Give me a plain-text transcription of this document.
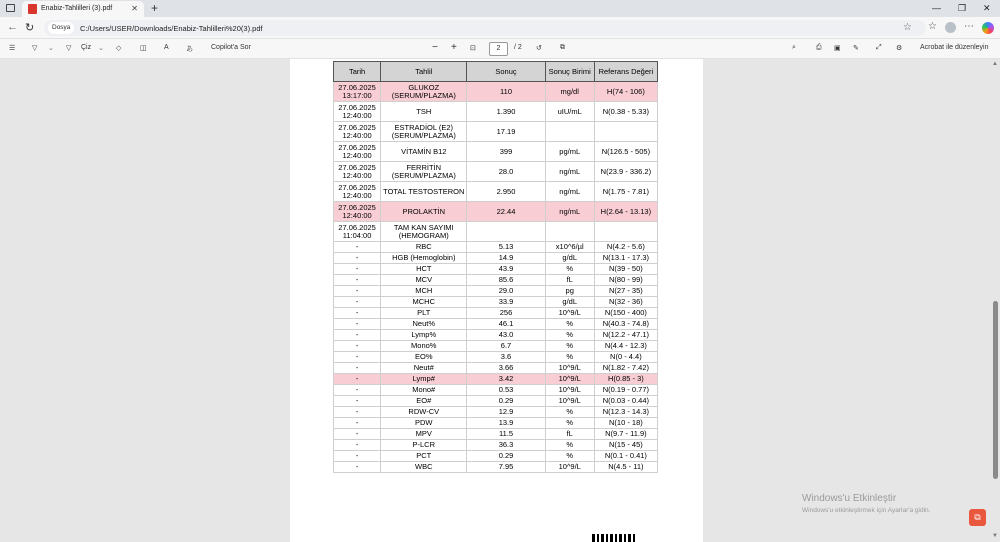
Enabiz-Tahlilleri (3).pdf ✕ +	— ❐ ✕
← ↻	Dosya	C:/Users/USER/Downloads/Enabiz-Tahlilleri%20(3).pdf	☆ ☆	⋯
☰ ▽ ⌄ ▽ Çiz ⌄ ◇	◫ A あ	Copilot'a Sor	− + ⊡	2	/ 2 ↺	⧉	⌕	⎙ ▣ ✎ ⤢ ⚙	Acrobat ile düzenleyin
▲
▼
Tarih	Tahlil	Sonuç	Sonuç Birimi	Referans Değeri
27.06.2025 13:17:00	GLUKOZ (SERUM/PLAZMA)	110	mg/dl	H(74 - 106)
27.06.2025 12:40:00	TSH	1.390	uIU/mL	N(0.38 - 5.33)
27.06.2025 12:40:00	ESTRADİOL (E2) (SERUM/PLAZMA)	17.19		
27.06.2025 12:40:00	VİTAMİN B12	399	pg/mL	N(126.5 - 505)
27.06.2025 12:40:00	FERRİTİN (SERUM/PLAZMA)	28.0	ng/mL	N(23.9 - 336.2)
27.06.2025 12:40:00	TOTAL TESTOSTERON	2.950	ng/mL	N(1.75 - 7.81)
27.06.2025 12:40:00	PROLAKTİN	22.44	ng/mL	H(2.64 - 13.13)
27.06.2025 11:04:00	TAM KAN SAYIMI (HEMOGRAM)			
-	RBC	5.13	x10^6/µl	N(4.2 - 5.6)
-	HGB (Hemoglobin)	14.9	g/dL	N(13.1 - 17.3)
-	HCT	43.9	%	N(39 - 50)
-	MCV	85.6	fL	N(80 - 99)
-	MCH	29.0	pg	N(27 - 35)
-	MCHC	33.9	g/dL	N(32 - 36)
-	PLT	256	10^9/L	N(150 - 400)
-	Neut%	46.1	%	N(40.3 - 74.8)
-	Lymp%	43.0	%	N(12.2 - 47.1)
-	Mono%	6.7	%	N(4.4 - 12.3)
-	EO%	3.6	%	N(0 - 4.4)
-	Neut#	3.66	10^9/L	N(1.82 - 7.42)
-	Lymp#	3.42	10^9/L	H(0.85 - 3)
-	Mono#	0.53	10^9/L	N(0.19 - 0.77)
-	EO#	0.29	10^9/L	N(0.03 - 0.44)
-	RDW-CV	12.9	%	N(12.3 - 14.3)
-	PDW	13.9	%	N(10 - 18)
-	MPV	11.5	fL	N(9.7 - 11.9)
-	P-LCR	36.3	%	N(15 - 45)
-	PCT	0.29	%	N(0.1 - 0.41)
-	WBC	7.95	10^9/L	N(4.5 - 11)
Windows'u Etkinleştir
Windows'u etkinleştirmek için Ayarlar'a gidin.
⧉
